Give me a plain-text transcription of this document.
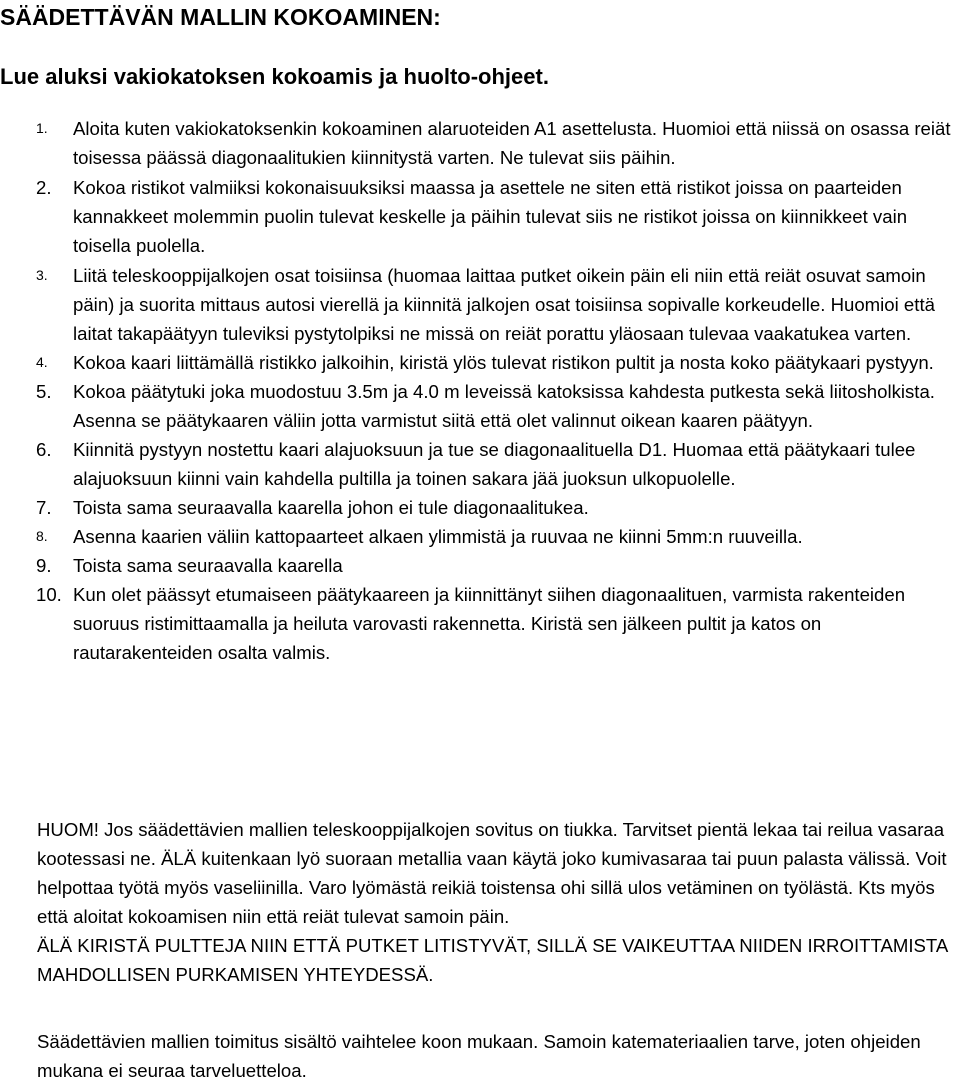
SÄÄDETTÄVÄN MALLIN KOKOAMINEN:
Lue aluksi vakiokatoksen kokoamis ja huolto-ohjeet.
1. Aloita kuten vakiokatoksenkin kokoaminen alaruoteiden A1 asettelusta. Huomioi että niissä on osassa reiät toisessa päässä diagonaalitukien kiinnitystä varten. Ne tulevat siis päihin.
2. Kokoa ristikot valmiiksi kokonaisuuksiksi maassa ja asettele ne siten että ristikot joissa on paarteiden kannakkeet molemmin puolin tulevat keskelle ja päihin tulevat siis ne ristikot joissa on kiinnikkeet vain toisella puolella.
3. Liitä teleskooppijalkojen osat toisiinsa (huomaa laittaa putket oikein päin eli niin että reiät osuvat samoin päin) ja suorita mittaus autosi vierellä ja kiinnitä jalkojen osat toisiinsa sopivalle korkeudelle. Huomioi että laitat takapäätyyn tuleviksi pystytolpiksi ne missä on reiät porattu yläosaan tulevaa vaakatukea varten.
4. Kokoa kaari liittämällä ristikko jalkoihin, kiristä ylös tulevat ristikon pultit ja nosta koko päätykaari pystyyn.
5. Kokoa päätytuki joka muodostuu 3.5m ja 4.0 m leveissä katoksissa kahdesta putkesta sekä liitosholkista. Asenna se päätykaaren väliin jotta varmistut siitä että olet valinnut oikean kaaren päätyyn.
6. Kiinnitä pystyyn nostettu kaari alajuoksuun ja tue se diagonaalituella D1. Huomaa että päätykaari tulee alajuoksuun kiinni vain kahdella pultilla ja toinen sakara jää juoksun ulkopuolelle.
7. Toista sama seuraavalla kaarella johon ei tule diagonaalitukea.
8. Asenna kaarien väliin kattopaarteet alkaen ylimmistä ja ruuvaa ne kiinni 5mm:n ruuveilla.
9. Toista sama seuraavalla kaarella
10. Kun olet päässyt etumaiseen päätykaareen ja kiinnittänyt siihen diagonaalituen, varmista rakenteiden suoruus ristimittaamalla ja heiluta varovasti rakennetta. Kiristä sen jälkeen pultit ja katos on rautarakenteiden osalta valmis.

HUOM! Jos säädettävien mallien teleskooppijalkojen sovitus on tiukka. Tarvitset pientä lekaa tai reilua vasaraa kootessasi ne. ÄLÄ kuitenkaan lyö suoraan metallia vaan käytä joko kumivasaraa tai puun palasta välissä. Voit helpottaa työtä myös vaseliinilla. Varo lyömästä reikiä toistensa ohi sillä ulos vetäminen on työlästä. Kts myös että aloitat kokoamisen niin että reiät tulevat samoin päin.

ÄLÄ KIRISTÄ PULTTEJA NIIN ETTÄ PUTKET LITISTYVÄT, SILLÄ SE VAIKEUTTAA NIIDEN IRROITTAMISTA MAHDOLLISEN PURKAMISEN YHTEYDESSÄ.

Säädettävien mallien toimitus sisältö vaihtelee koon mukaan. Samoin katemateriaalien tarve, joten ohjeiden mukana ei seuraa tarveluetteloa.
